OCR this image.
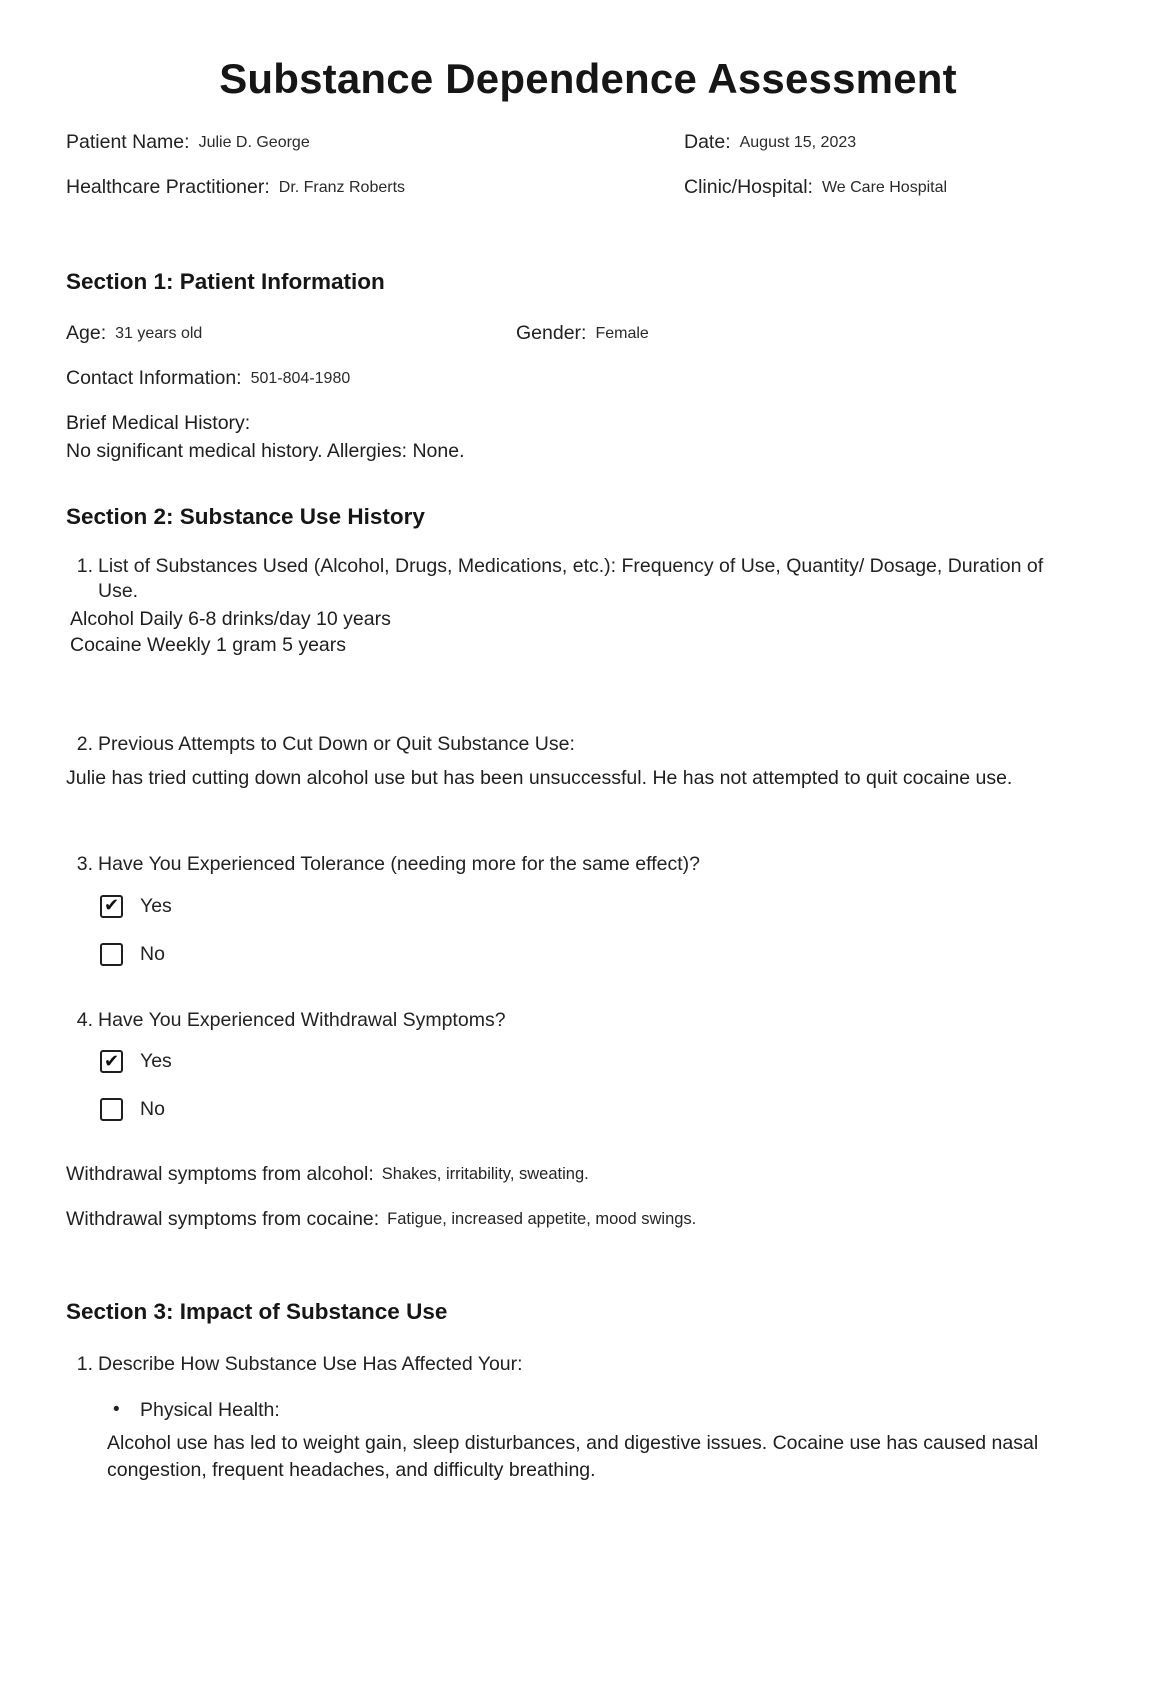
Substance Dependence Assessment
Patient Name: Julie D. George	Date: August 15, 2023
Healthcare Practitioner: Dr. Franz Roberts	Clinic/Hospital: We Care Hospital
Section 1: Patient Information
Age: 31 years old	Gender: Female
Contact Information: 501-804-1980
Brief Medical History:
No significant medical history. Allergies: None.
Section 2: Substance Use History
1. List of Substances Used (Alcohol, Drugs, Medications, etc.): Frequency of Use, Quantity/ Dosage, Duration of Use.
Alcohol Daily 6-8 drinks/day 10 years
Cocaine Weekly 1 gram 5 years
2. Previous Attempts to Cut Down or Quit Substance Use:
Julie has tried cutting down alcohol use but has been unsuccessful. He has not attempted to quit cocaine use.
3. Have You Experienced Tolerance (needing more for the same effect)?
✔ Yes
No
4. Have You Experienced Withdrawal Symptoms?
✔ Yes
No
Withdrawal symptoms from alcohol: Shakes, irritability, sweating.
Withdrawal symptoms from cocaine: Fatigue, increased appetite, mood swings.
Section 3: Impact of Substance Use
1. Describe How Substance Use Has Affected Your:
•	Physical Health:
Alcohol use has led to weight gain, sleep disturbances, and digestive issues. Cocaine use has caused nasal congestion, frequent headaches, and difficulty breathing.
